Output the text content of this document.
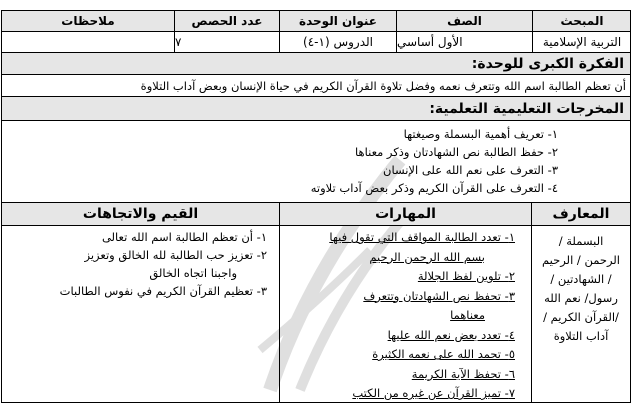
المبحث
الصف
عنوان الوحدة
عدد الحصص
ملاحظات
التربية الإسلامية
الأول أساسي
الدروس (١-٤)
٧
الفكرة الكبرى للوحدة:
أن تعظم الطالبة اسم الله وتتعرف نعمه وفضل تلاوة القرآن الكريم في حياة الإنسان وبعض آداب التلاوة
المخرجات التعليمية التعلمية:
١- تعريف أهمية البسملة وصيغتها
٢- حفظ الطالبة نص الشهادتان وذكر معناها
٣- التعرف على نعم الله على الإنسان
٤- التعرف على القرآن الكريم وذكر بعض آداب تلاوته
المعارف
البسملة /
الرحمن / الرحيم
/ الشهادتين /
رسول/ نعم الله
/القرآن الكريم /
آداب التلاوة
المهارات
١- تعدد الطالبة المواقف التي تقول فيها
بسم الله الرحمن الرحيم
٢- تلوين لفظ الجلالة
٣- تحفظ نص الشهادتان وتتعرف
معناهما
٤- تعدد بعض نعم الله عليها
٥- تحمد الله على نعمه الكثيرة
٦- تحفظ الآية الكريمة
٧- تميز القرآن عن غيره من الكتب
القيم والاتجاهات
١- أن تعظم الطالبة اسم الله تعالى
٢- تعزيز حب الطالبة لله الخالق وتعزيز
واجبنا اتجاه الخالق
٣- تعظيم القرآن الكريم في نفوس الطالبات
